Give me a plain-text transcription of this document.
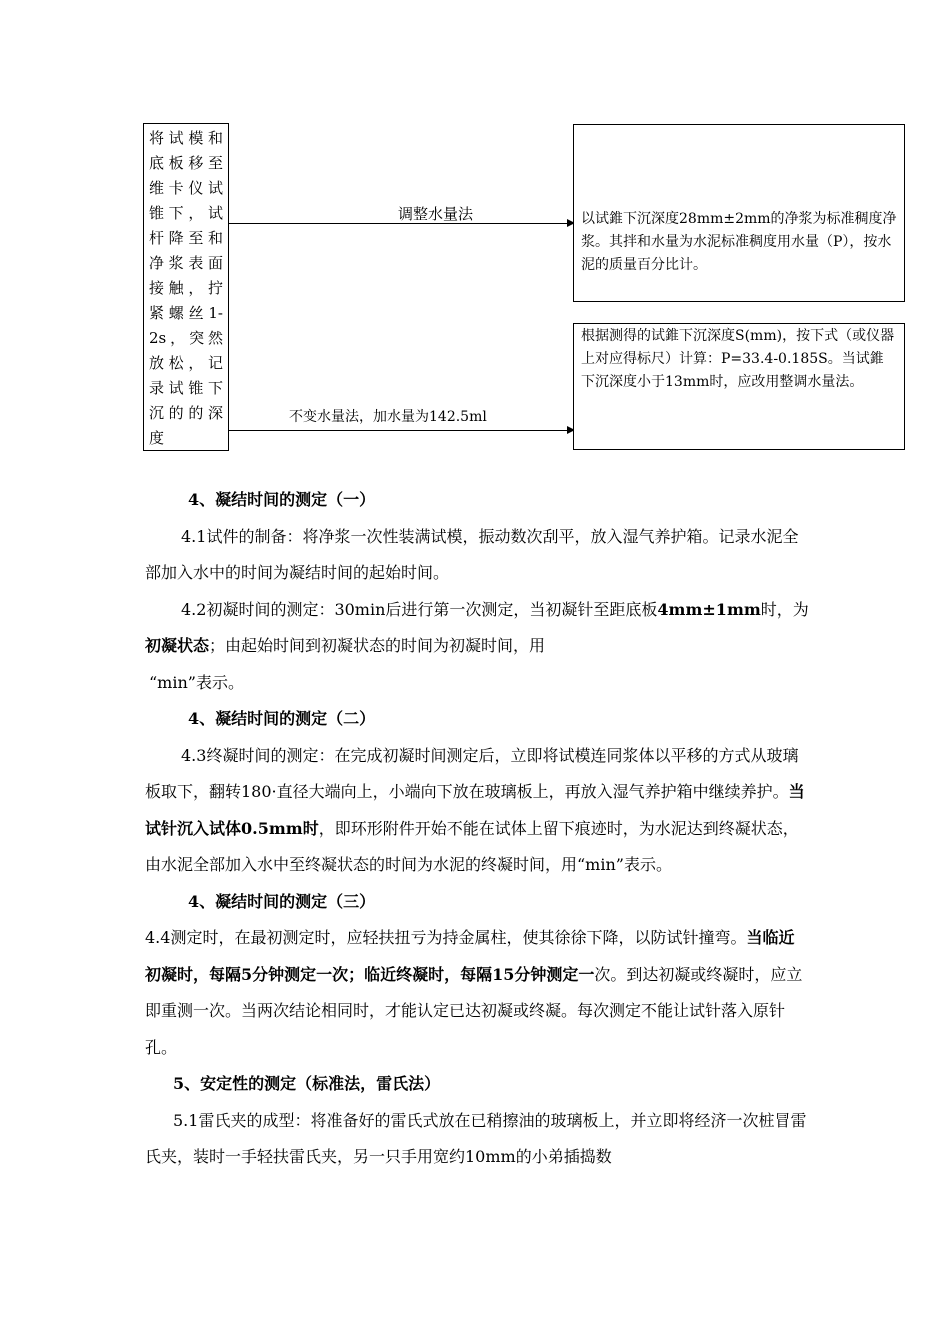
将试模和底板移至维卡仪试锥下，试杆降至和净浆表面接触，拧紧螺丝1-2s，突然放松，记录试锥下沉的的深度
调整水量法
不变水量法，加水量为142.5ml
以试錐下沉深度28mm±2mm的净浆为标准稠度净浆。其拌和水量为水泥标准稠度用水量（P），按水泥的质量百分比计。
根据测得的试錐下沉深度S(mm)，按下式（或仪器上对应得标尺）计算：P=33.4-0.185S。当试錐下沉深度小于13mm时，应改用整调水量法。

4、凝结时间的测定（一）

4.1试件的制备：将净浆一次性装满试模，振动数次刮平，放入湿气养护箱。记录水泥全部加入水中的时间为凝结时间的起始时间。

4.2初凝时间的测定：30min后进行第一次测定，当初凝针至距底板4mm±1mm时，为初凝状态；由起始时间到初凝状态的时间为初凝时间，用

“min”表示。

4、凝结时间的测定（二）

4.3终凝时间的测定：在完成初凝时间测定后，立即将试模连同浆体以平移的方式从玻璃板取下，翻转180·直径大端向上，小端向下放在玻璃板上，再放入湿气养护箱中继续养护。当试针沉入试体0.5mm时，即环形附件开始不能在试体上留下痕迹时，为水泥达到终凝状态，由水泥全部加入水中至终凝状态的时间为水泥的终凝时间，用“min”表示。

4、凝结时间的测定（三）

4.4测定时，在最初测定时，应轻扶扭亏为持金属柱，使其徐徐下降，以防试针撞弯。当临近初凝时，每隔5分钟测定一次；临近终凝时，每隔15分钟测定一次。到达初凝或终凝时，应立即重测一次。当两次结论相同时，才能认定已达初凝或终凝。每次测定不能让试针落入原针孔。

5、安定性的测定（标准法，雷氏法）

5.1雷氏夹的成型：将准备好的雷氏式放在已稍擦油的玻璃板上，并立即将经济一次桩冒雷氏夹，装时一手轻扶雷氏夹，另一只手用宽约10mm的小弟插捣数
